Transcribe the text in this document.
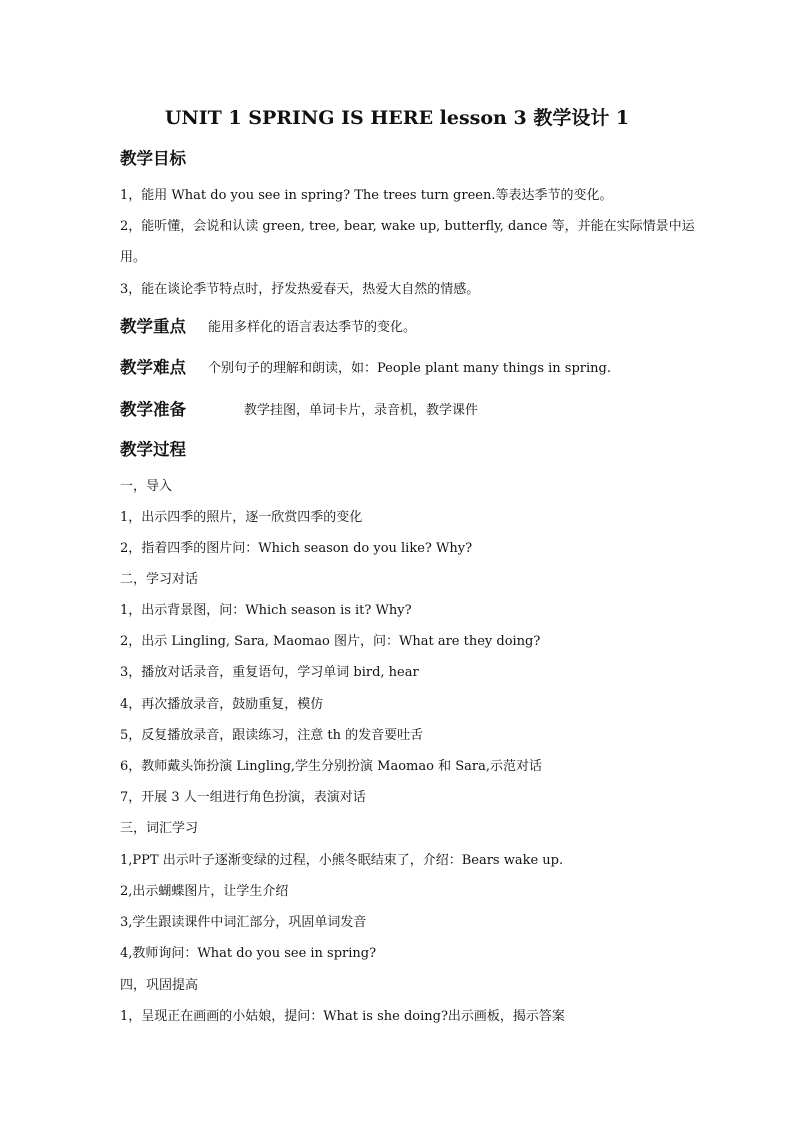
UNIT 1 SPRING IS HERE lesson 3 教学设计 1
教学目标

1，能用 What do you see in spring? The trees turn green.等表达季节的变化。

2，能听懂，会说和认读 green, tree, bear, wake up, butterfly, dance 等，并能在实际情景中运

用。

3，能在谈论季节特点时，抒发热爱春天，热爱大自然的情感。

教学重点 能用多样化的语言表达季节的变化。
教学难点 个别句子的理解和朗读，如：People plant many things in spring.
教学准备	教学挂图，单词卡片，录音机，教学课件
教学过程

一，导入

1，出示四季的照片，逐一欣赏四季的变化

2，指着四季的图片问：Which season do you like? Why?

二，学习对话

1，出示背景图，问：Which season is it? Why?

2，出示 Lingling, Sara, Maomao 图片，问：What are they doing?

3，播放对话录音，重复语句，学习单词 bird, hear

4，再次播放录音，鼓励重复，模仿

5，反复播放录音，跟读练习，注意 th 的发音要吐舌

6，教师戴头饰扮演 Lingling,学生分别扮演 Maomao 和 Sara,示范对话

7，开展 3 人一组进行角色扮演，表演对话

三，词汇学习

1,PPT 出示叶子逐渐变绿的过程，小熊冬眠结束了，介绍：Bears wake up.

2,出示蝴蝶图片，让学生介绍

3,学生跟读课件中词汇部分，巩固单词发音

4,教师询问：What do you see in spring?

四，巩固提高

1，呈现正在画画的小姑娘，提问：What is she doing?出示画板，揭示答案
